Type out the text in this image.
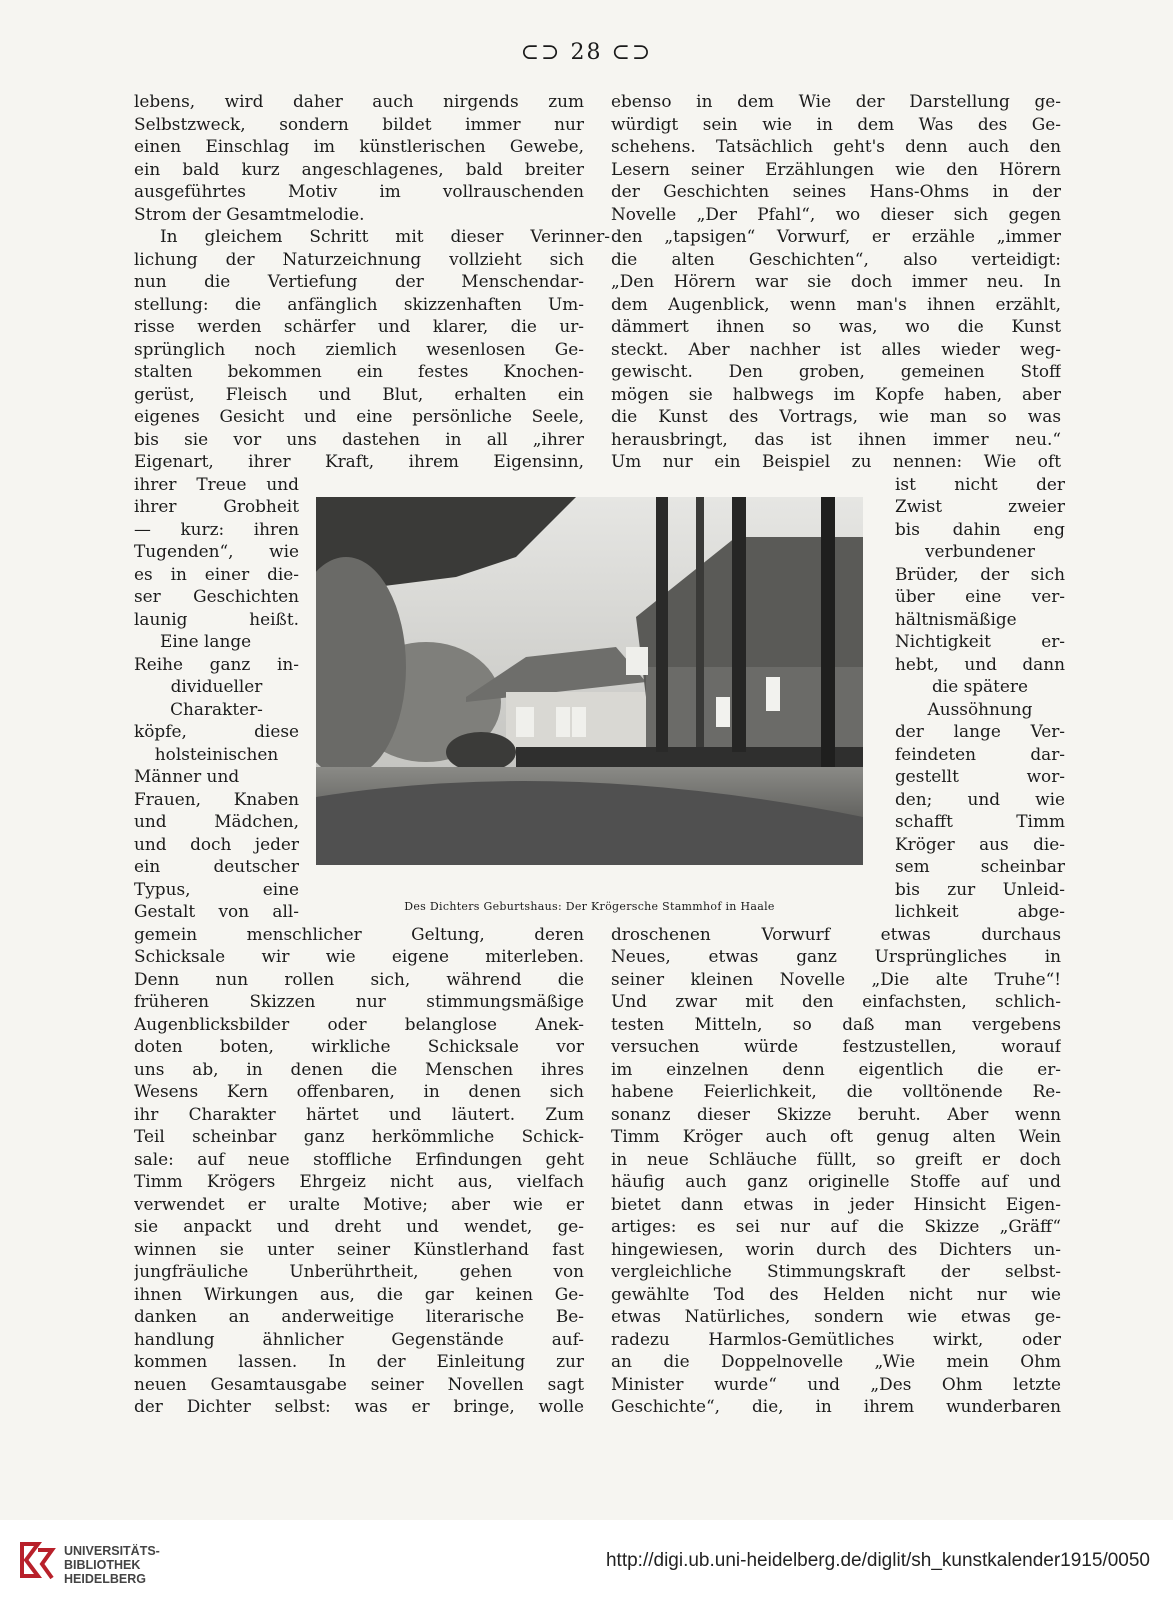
⊂⊃ 28 ⊂⊃
lebens, wird daher auch nirgends zum
Selbstzweck, sondern bildet immer nur
einen Einschlag im künstlerischen Gewebe,
ein bald kurz angeschlagenes, bald breiter
ausgeführtes Motiv im vollrauschenden
Strom der Gesamtmelodie.
In gleichem Schritt mit dieser Verinner-
lichung der Naturzeichnung vollzieht sich
nun die Vertiefung der Menschendar-
stellung: die anfänglich skizzenhaften Um-
risse werden schärfer und klarer, die ur-
sprünglich noch ziemlich wesenlosen Ge-
stalten bekommen ein festes Knochen-
gerüst, Fleisch und Blut, erhalten ein
eigenes Gesicht und eine persönliche Seele,
bis sie vor uns dastehen in all „ihrer
Eigenart, ihrer Kraft, ihrem Eigensinn,
ihrer Treue und
ihrer Grobheit
— kurz: ihren
Tugenden“, wie
es in einer die-
ser Geschichten
launig heißt.
Eine lange
Reihe ganz in-
dividueller
Charakter-
köpfe, diese
holsteinischen
Männer und
Frauen, Knaben
und Mädchen,
und doch jeder
ein deutscher
Typus, eine
Gestalt von all-
gemein menschlicher Geltung, deren
Schicksale wir wie eigene miterleben.
Denn nun rollen sich, während die
früheren Skizzen nur stimmungsmäßige
Augenblicksbilder oder belanglose Anek-
doten boten, wirkliche Schicksale vor
uns ab, in denen die Menschen ihres
Wesens Kern offenbaren, in denen sich
ihr Charakter härtet und läutert. Zum
Teil scheinbar ganz herkömmliche Schick-
sale: auf neue stoffliche Erfindungen geht
Timm Krögers Ehrgeiz nicht aus, vielfach
verwendet er uralte Motive; aber wie er
sie anpackt und dreht und wendet, ge-
winnen sie unter seiner Künstlerhand fast
jungfräuliche Unberührtheit, gehen von
ihnen Wirkungen aus, die gar keinen Ge-
danken an anderweitige literarische Be-
handlung ähnlicher Gegenstände auf-
kommen lassen. In der Einleitung zur
neuen Gesamtausgabe seiner Novellen sagt
der Dichter selbst: was er bringe, wolle
ebenso in dem Wie der Darstellung ge-
würdigt sein wie in dem Was des Ge-
schehens. Tatsächlich geht's denn auch den
Lesern seiner Erzählungen wie den Hörern
der Geschichten seines Hans-Ohms in der
Novelle „Der Pfahl“, wo dieser sich gegen
den „tapsigen“ Vorwurf, er erzähle „immer
die alten Geschichten“, also verteidigt:
„Den Hörern war sie doch immer neu. In
dem Augenblick, wenn man's ihnen erzählt,
dämmert ihnen so was, wo die Kunst
steckt. Aber nachher ist alles wieder weg-
gewischt. Den groben, gemeinen Stoff
mögen sie halbwegs im Kopfe haben, aber
die Kunst des Vortrags, wie man so was
herausbringt, das ist ihnen immer neu.“
Um nur ein Beispiel zu nennen: Wie oft
ist nicht der
Zwist zweier
bis dahin eng
verbundener
Brüder, der sich
über eine ver-
hältnismäßige
Nichtigkeit er-
hebt, und dann
die spätere
Aussöhnung
der lange Ver-
feindeten dar-
gestellt wor-
den; und wie
schafft Timm
Kröger aus die-
sem scheinbar
bis zur Unleid-
lichkeit abge-
droschenen Vorwurf etwas durchaus
Neues, etwas ganz Ursprüngliches in
seiner kleinen Novelle „Die alte Truhe“!
Und zwar mit den einfachsten, schlich-
testen Mitteln, so daß man vergebens
versuchen würde festzustellen, worauf
im einzelnen denn eigentlich die er-
habene Feierlichkeit, die volltönende Re-
sonanz dieser Skizze beruht. Aber wenn
Timm Kröger auch oft genug alten Wein
in neue Schläuche füllt, so greift er doch
häufig auch ganz originelle Stoffe auf und
bietet dann etwas in jeder Hinsicht Eigen-
artiges: es sei nur auf die Skizze „Gräff“
hingewiesen, worin durch des Dichters un-
vergleichliche Stimmungskraft der selbst-
gewählte Tod des Helden nicht nur wie
etwas Natürliches, sondern wie etwas ge-
radezu Harmlos-Gemütliches wirkt, oder
an die Doppelnovelle „Wie mein Ohm
Minister wurde“ und „Des Ohm letzte
Geschichte“, die, in ihrem wunderbaren
Des Dichters Geburtshaus: Der Krögersche Stammhof in Haale
UNIVERSITÄTS-
BIBLIOTHEK
HEIDELBERG
http://digi.ub.uni-heidelberg.de/diglit/sh_kunstkalender1915/0050
